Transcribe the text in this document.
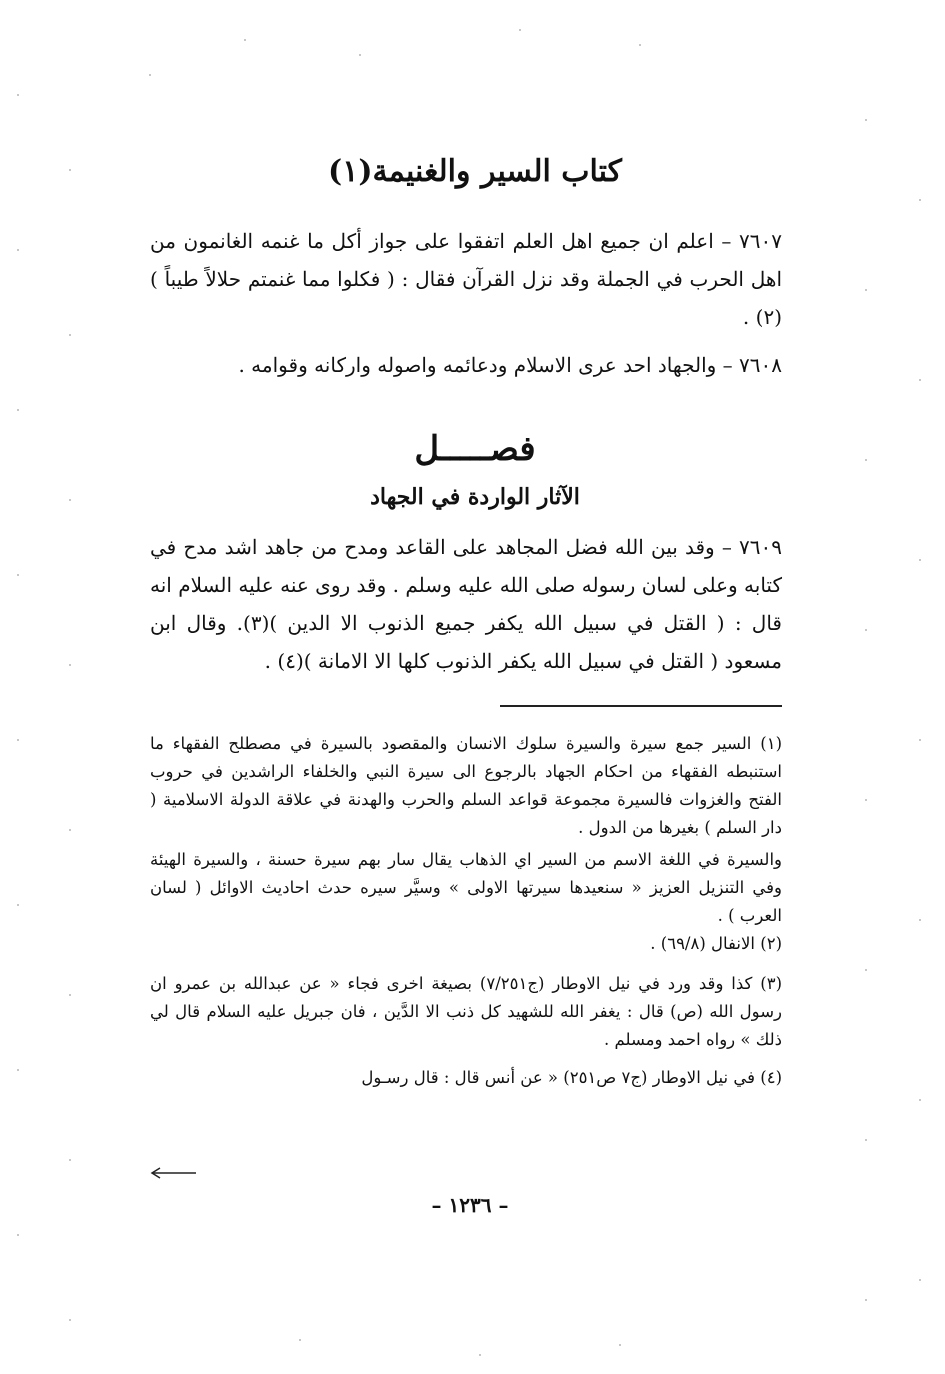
كتاب السير والغنيمة(١)

٧٦٠٧ – اعلم ان جميع اهل العلم اتفقوا على جواز أكل ما غنمه الغانمون من اهل الحرب في الجملة وقد نزل القرآن فقال : ( فكلوا مما غنمتم حلالاً طيباً )(٢) .

٧٦٠٨ – والجهاد احد عرى الاسلام ودعائمه واصوله واركانه وقوامه .

فصـــــل
الآثار الواردة في الجهاد

٧٦٠٩ – وقد بين الله فضل المجاهد على القاعد ومدح من جاهد اشد مدح في كتابه وعلى لسان رسوله صلى الله عليه وسلم . وقد روى عنه عليه السلام انه قال : ( القتل في سبيل الله يكفر جميع الذنوب الا الدين )(٣). وقال ابن مسعود ( القتل في سبيل الله يكفر الذنوب كلها الا الامانة )(٤) .

(١) السير جمع سيرة والسيرة سلوك الانسان والمقصود بالسيرة في مصطلح الفقهاء ما استنبطه الفقهاء من احكام الجهاد بالرجوع الى سيرة النبي والخلفاء الراشدين في حروب الفتح والغزوات فالسيرة مجموعة قواعد السلم والحرب والهدنة في علاقة الدولة الاسلامية ( دار السلم ) بغيرها من الدول .

والسيرة في اللغة الاسم من السير اي الذهاب يقال سار بهم سيرة حسنة ، والسيرة الهيئة وفي التنزيل العزيز « سنعيدها سيرتها الاولى » وسيَّر سيره حدث احاديث الاوائل ( لسان العرب ) .

(٢) الانفال (٦٩/٨) .

(٣) كذا وقد ورد في نيل الاوطار (ج٧/٢٥١) بصيغة اخرى فجاء « عن عبدالله بن عمرو ان رسول الله (ص) قال : يغفر الله للشهيد كل ذنب الا الدَّين ، فان جبريل عليه السلام قال لي ذلك » رواه احمد ومسلم .

(٤) في نيل الاوطار (ج٧ ص٢٥١) « عن أنس قال : قال رسـول

– ١٢٣٦ –
